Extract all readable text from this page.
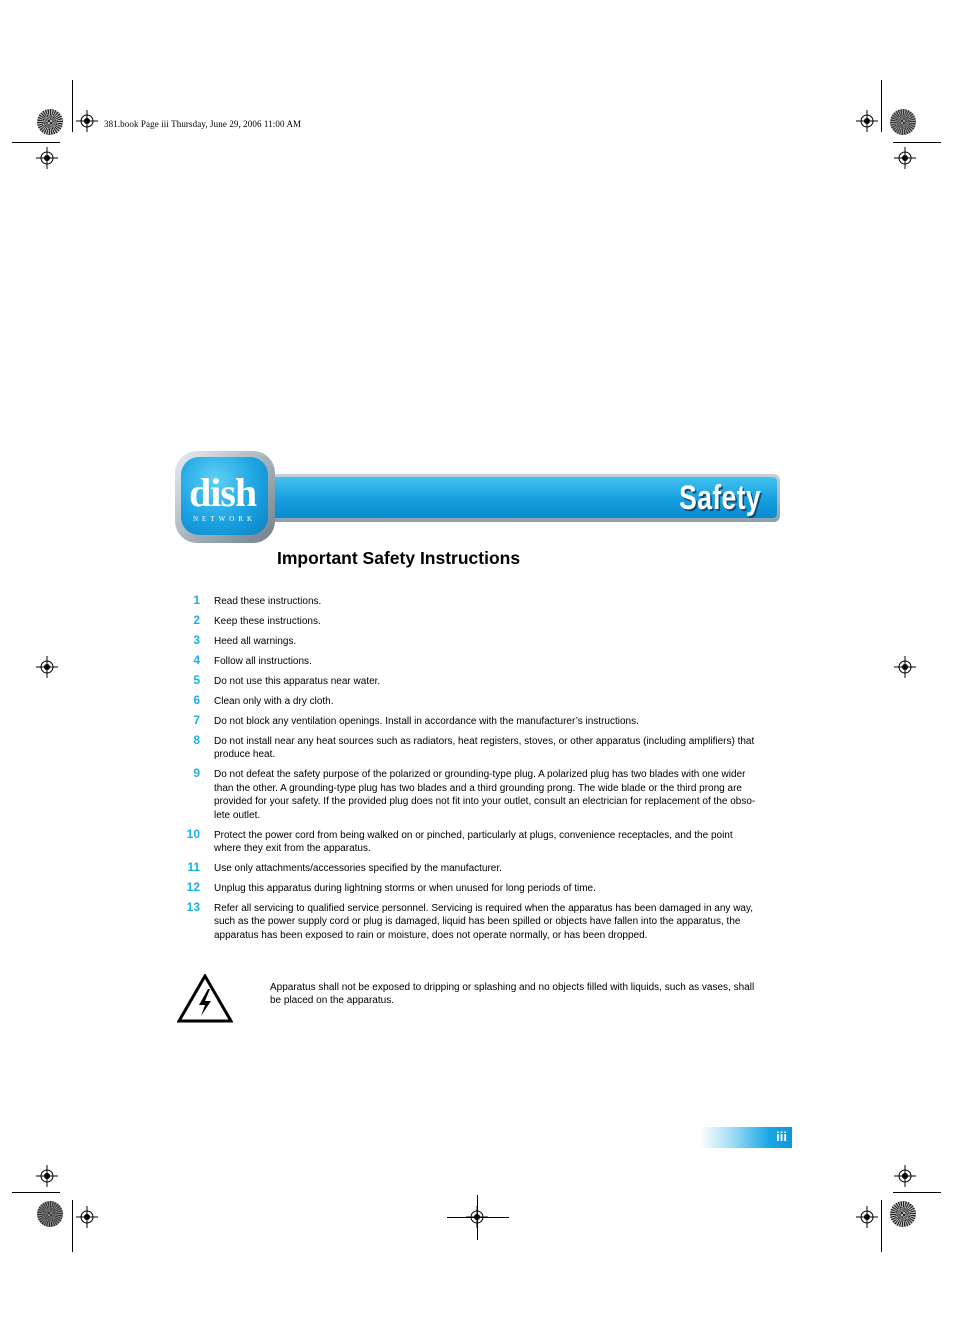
381.book Page iii Thursday, June 29, 2006 11:00 AM
Safety
dish
NETWORK
Important Safety Instructions
1 Read these instructions.
2 Keep these instructions.
3 Heed all warnings.
4 Follow all instructions.
5 Do not use this apparatus near water.
6 Clean only with a dry cloth.
7 Do not block any ventilation openings. Install in accordance with the manufacturer’s instructions.
8 Do not install near any heat sources such as radiators, heat registers, stoves, or other apparatus (including amplifiers) that
produce heat.
9 Do not defeat the safety purpose of the polarized or grounding-type plug. A polarized plug has two blades with one wider
than the other. A grounding-type plug has two blades and a third grounding prong. The wide blade or the third prong are
provided for your safety. If the provided plug does not fit into your outlet, consult an electrician for replacement of the obso-
lete outlet.
10 Protect the power cord from being walked on or pinched, particularly at plugs, convenience receptacles, and the point
where they exit from the apparatus.
11 Use only attachments/accessories specified by the manufacturer.
12 Unplug this apparatus during lightning storms or when unused for long periods of time.
13 Refer all servicing to qualified service personnel. Servicing is required when the apparatus has been damaged in any way,
such as the power supply cord or plug is damaged, liquid has been spilled or objects have fallen into the apparatus, the
apparatus has been exposed to rain or moisture, does not operate normally, or has been dropped.
Apparatus shall not be exposed to dripping or splashing and no objects filled with liquids, such as vases, shall
be placed on the apparatus.
iii
